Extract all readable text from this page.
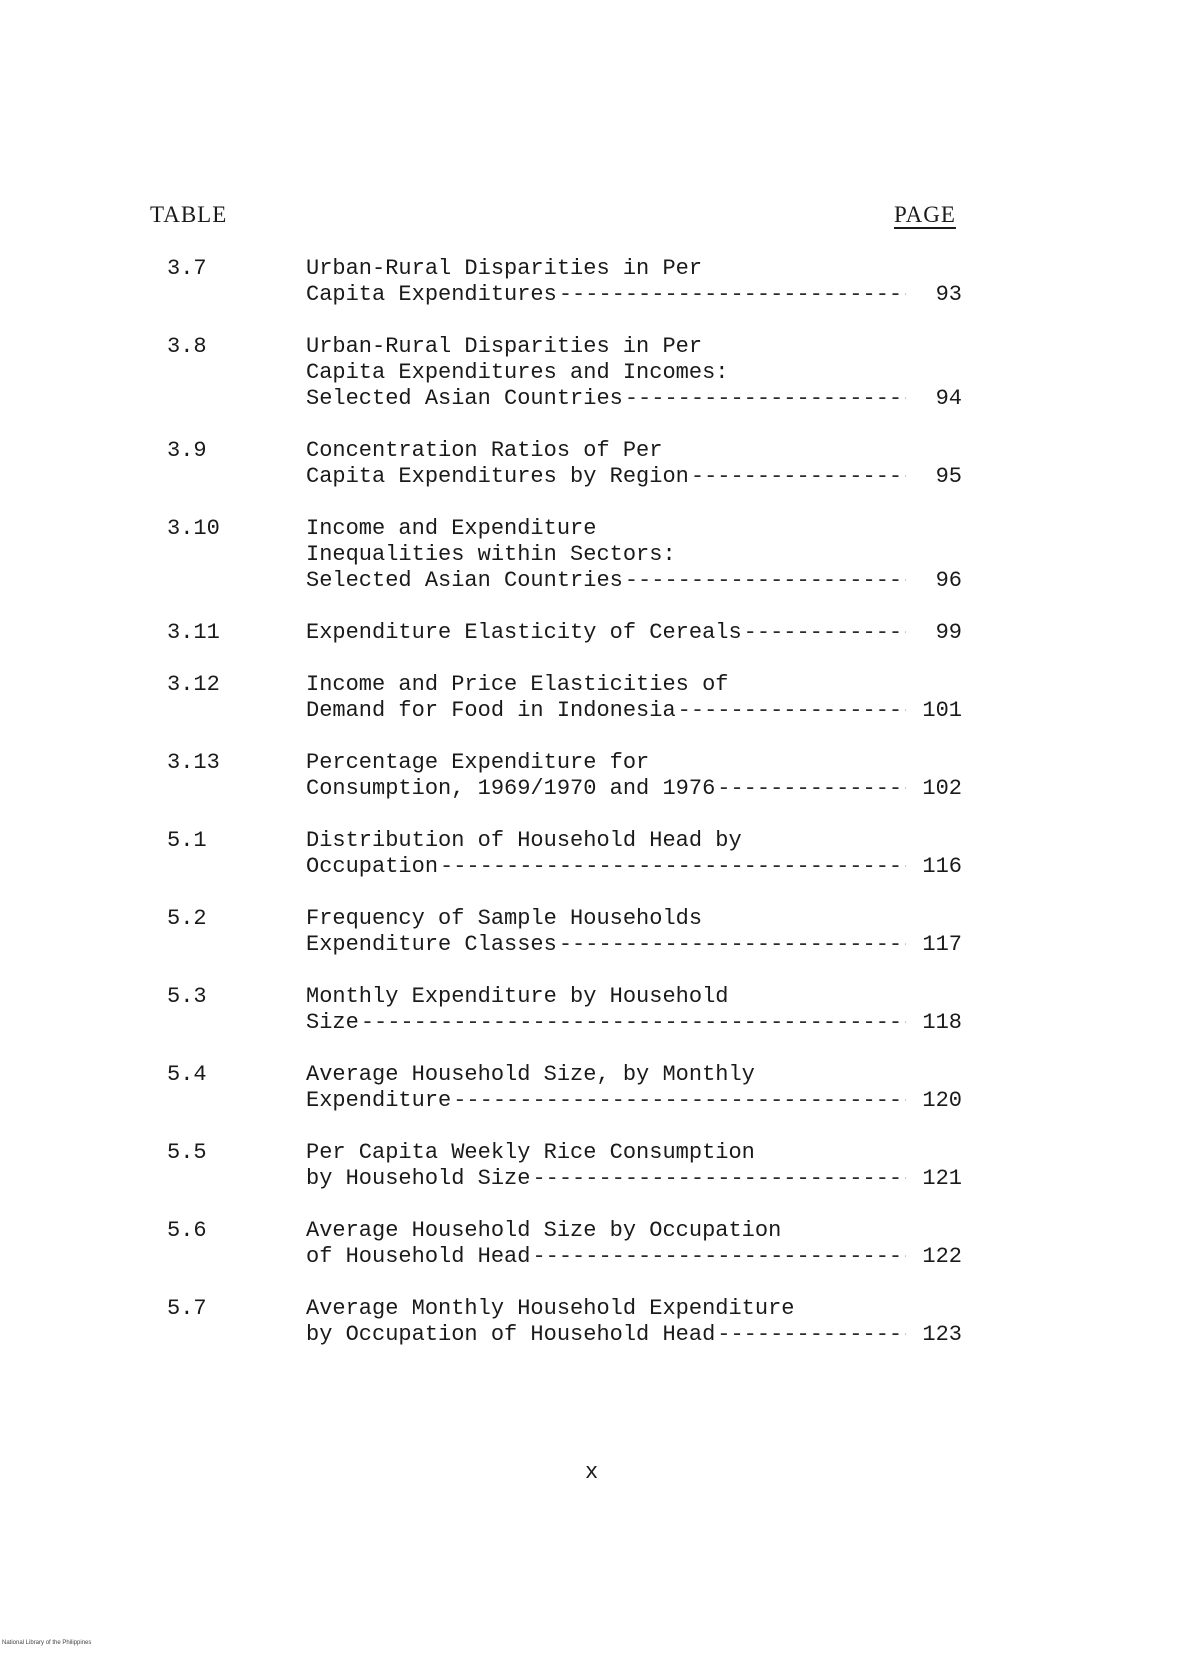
TABLE	PAGE
3.7	Urban-Rural Disparities in Per
Capita Expenditures -----	93
3.8	Urban-Rural Disparities in Per
Capita Expenditures and Incomes:
Selected Asian Countries -----	94
3.9	Concentration Ratios of Per
Capita Expenditures by Region -----	95
3.10	Income and Expenditure
Inequalities within Sectors:
Selected Asian Countries -----	96
3.11	Expenditure Elasticity of Cereals -----	99
3.12	Income and Price Elasticities of
Demand for Food in Indonesia -----	101
3.13	Percentage Expenditure for
Consumption, 1969/1970 and 1976 -----	102
5.1	Distribution of Household Head by
Occupation -----	116
5.2	Frequency of Sample Households
Expenditure Classes -----	117
5.3	Monthly Expenditure by Household
Size -----	118
5.4	Average Household Size, by Monthly
Expenditure -----	120
5.5	Per Capita Weekly Rice Consumption
by Household Size -----	121
5.6	Average Household Size by Occupation
of Household Head -----	122
5.7	Average Monthly Household Expenditure
by Occupation of Household Head -----	123
x
National Library of the Philippines
